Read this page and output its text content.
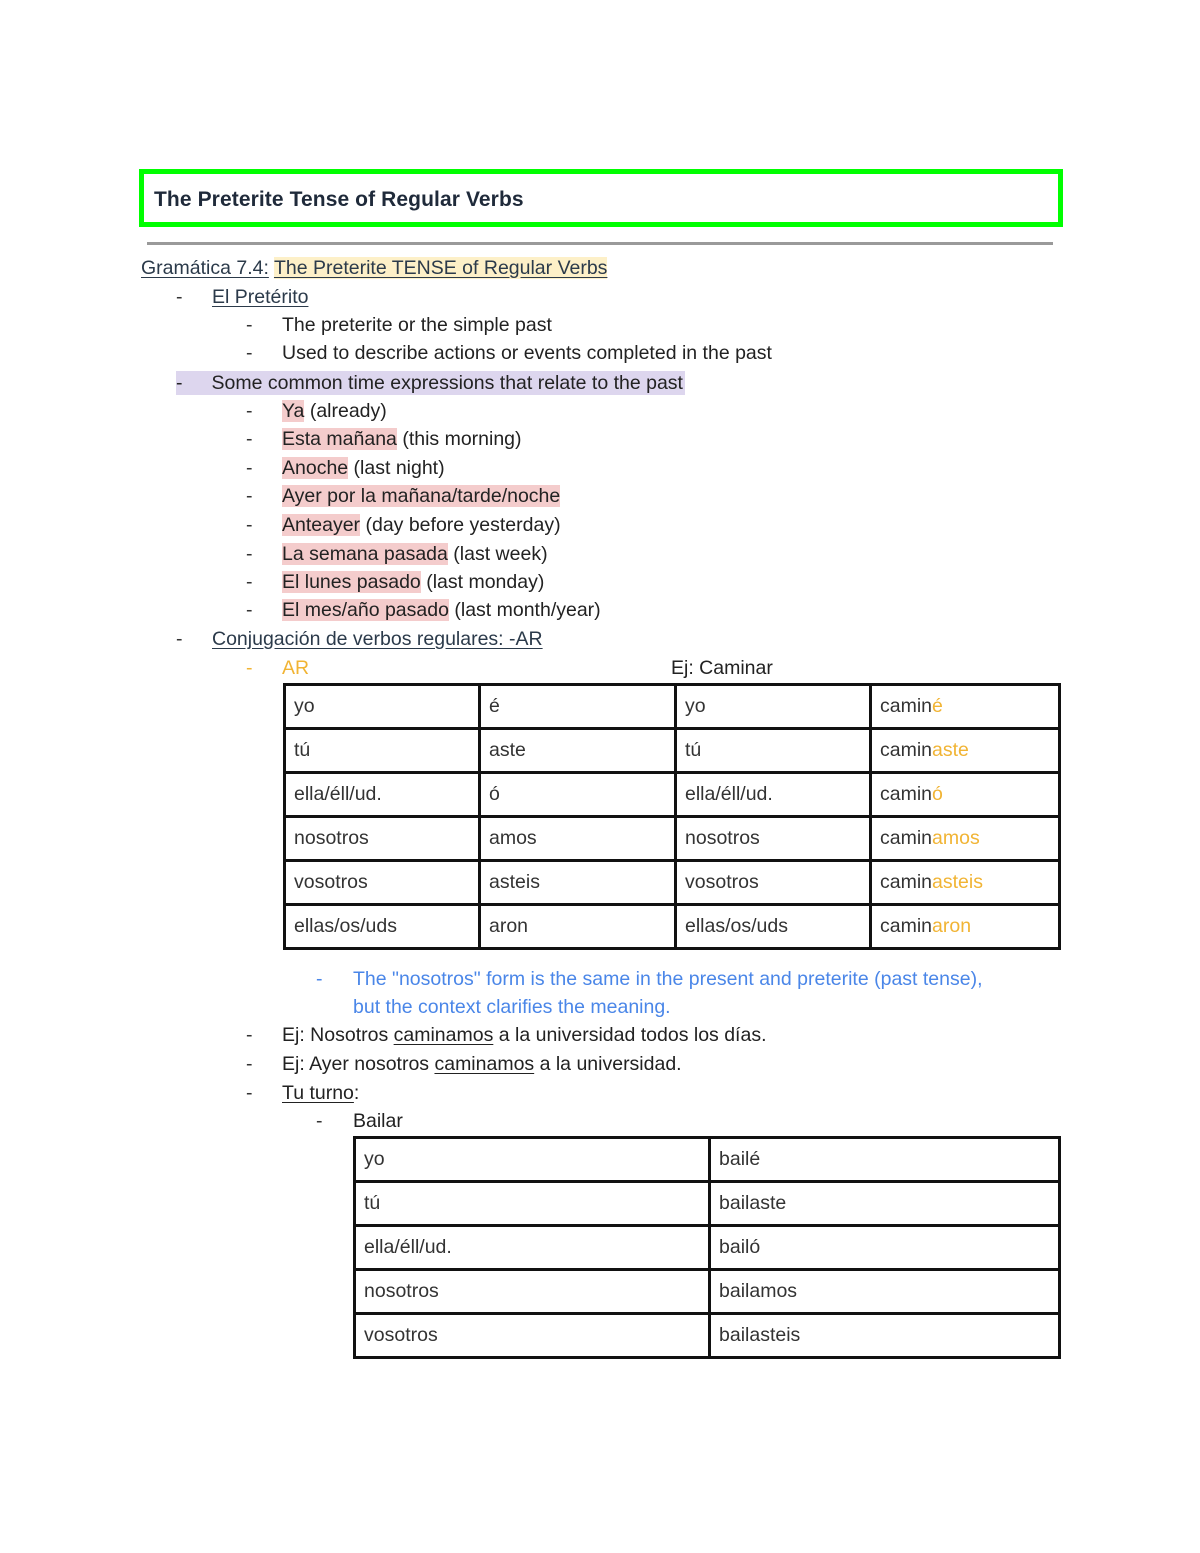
The Preterite Tense of Regular Verbs
Gramática 7.4: The Preterite TENSE of Regular Verbs
- El Pretérito
- The preterite or the simple past
- Used to describe actions or events completed in the past
- Some common time expressions that relate to the past
- Ya (already)
- Esta mañana (this morning)
- Anoche (last night)
- Ayer por la mañana/tarde/noche
- Anteayer (day before yesterday)
- La semana pasada (last week)
- El lunes pasado (last monday)
- El mes/año pasado (last month/year)
- Conjugación de verbos regulares: -AR
- AR	Ej: Caminar
yo	é	yo	caminé
tú	aste	tú	caminaste
ella/éll/ud.	ó	ella/éll/ud.	caminó
nosotros	amos	nosotros	caminamos
vosotros	asteis	vosotros	caminasteis
ellas/os/uds	aron	ellas/os/uds	caminaron
- The "nosotros" form is the same in the present and preterite (past tense),
but the context clarifies the meaning.
- Ej: Nosotros caminamos a la universidad todos los días.
- Ej: Ayer nosotros caminamos a la universidad.
- Tu turno:
- Bailar
yo	bailé
tú	bailaste
ella/éll/ud.	bailó
nosotros	bailamos
vosotros	bailasteis
